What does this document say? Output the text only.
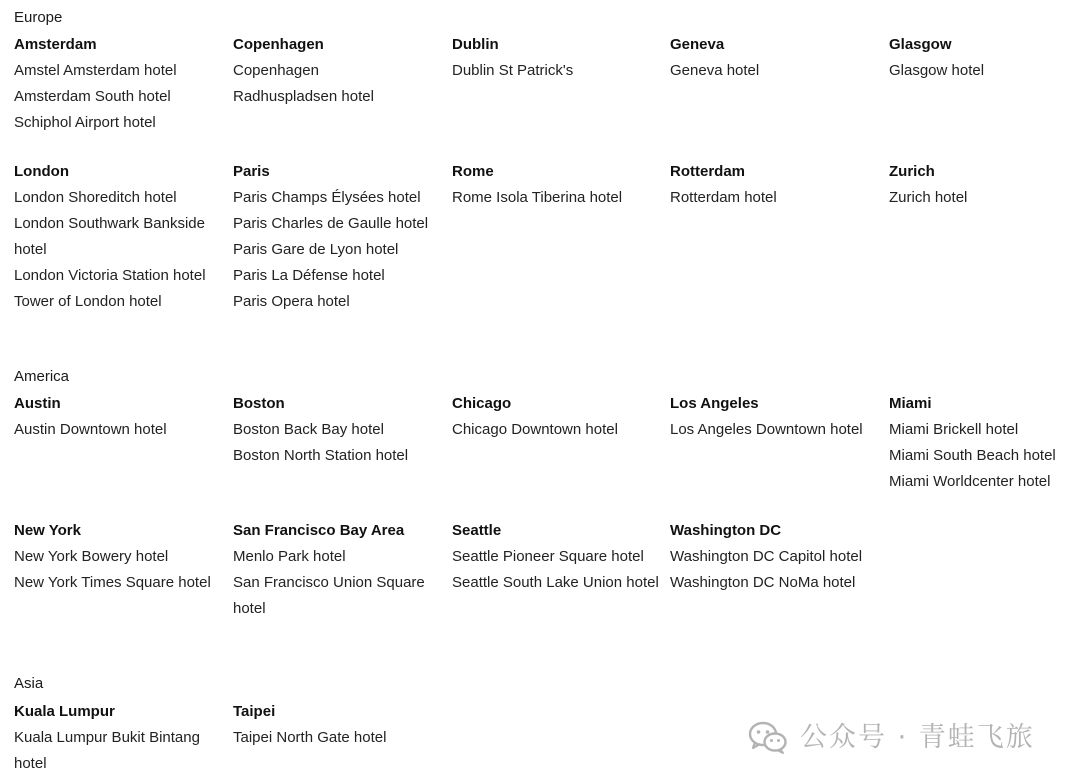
Europe
Amsterdam
Amstel Amsterdam hotel
Amsterdam South hotel
Schiphol Airport hotel
Copenhagen
Copenhagen
Radhuspladsen hotel
Dublin
Dublin St Patrick's
Geneva
Geneva hotel
Glasgow
Glasgow hotel
London
London Shoreditch hotel
London Southwark Bankside hotel
London Victoria Station hotel
Tower of London hotel
Paris
Paris Champs Élysées hotel
Paris Charles de Gaulle hotel
Paris Gare de Lyon hotel
Paris La Défense hotel
Paris Opera hotel
Rome
Rome Isola Tiberina hotel
Rotterdam
Rotterdam hotel
Zurich
Zurich hotel
America
Austin
Austin Downtown hotel
Boston
Boston Back Bay hotel
Boston North Station hotel
Chicago
Chicago Downtown hotel
Los Angeles
Los Angeles Downtown hotel
Miami
Miami Brickell hotel
Miami South Beach hotel
Miami Worldcenter hotel
New York
New York Bowery hotel
New York Times Square hotel
San Francisco Bay Area
Menlo Park hotel
San Francisco Union Square hotel
Seattle
Seattle Pioneer Square hotel
Seattle South Lake Union hotel
Washington DC
Washington DC Capitol hotel
Washington DC NoMa hotel
Asia
Kuala Lumpur
Kuala Lumpur Bukit Bintang hotel
Taipei
Taipei North Gate hotel	公众号 · 青蛙飞旅
